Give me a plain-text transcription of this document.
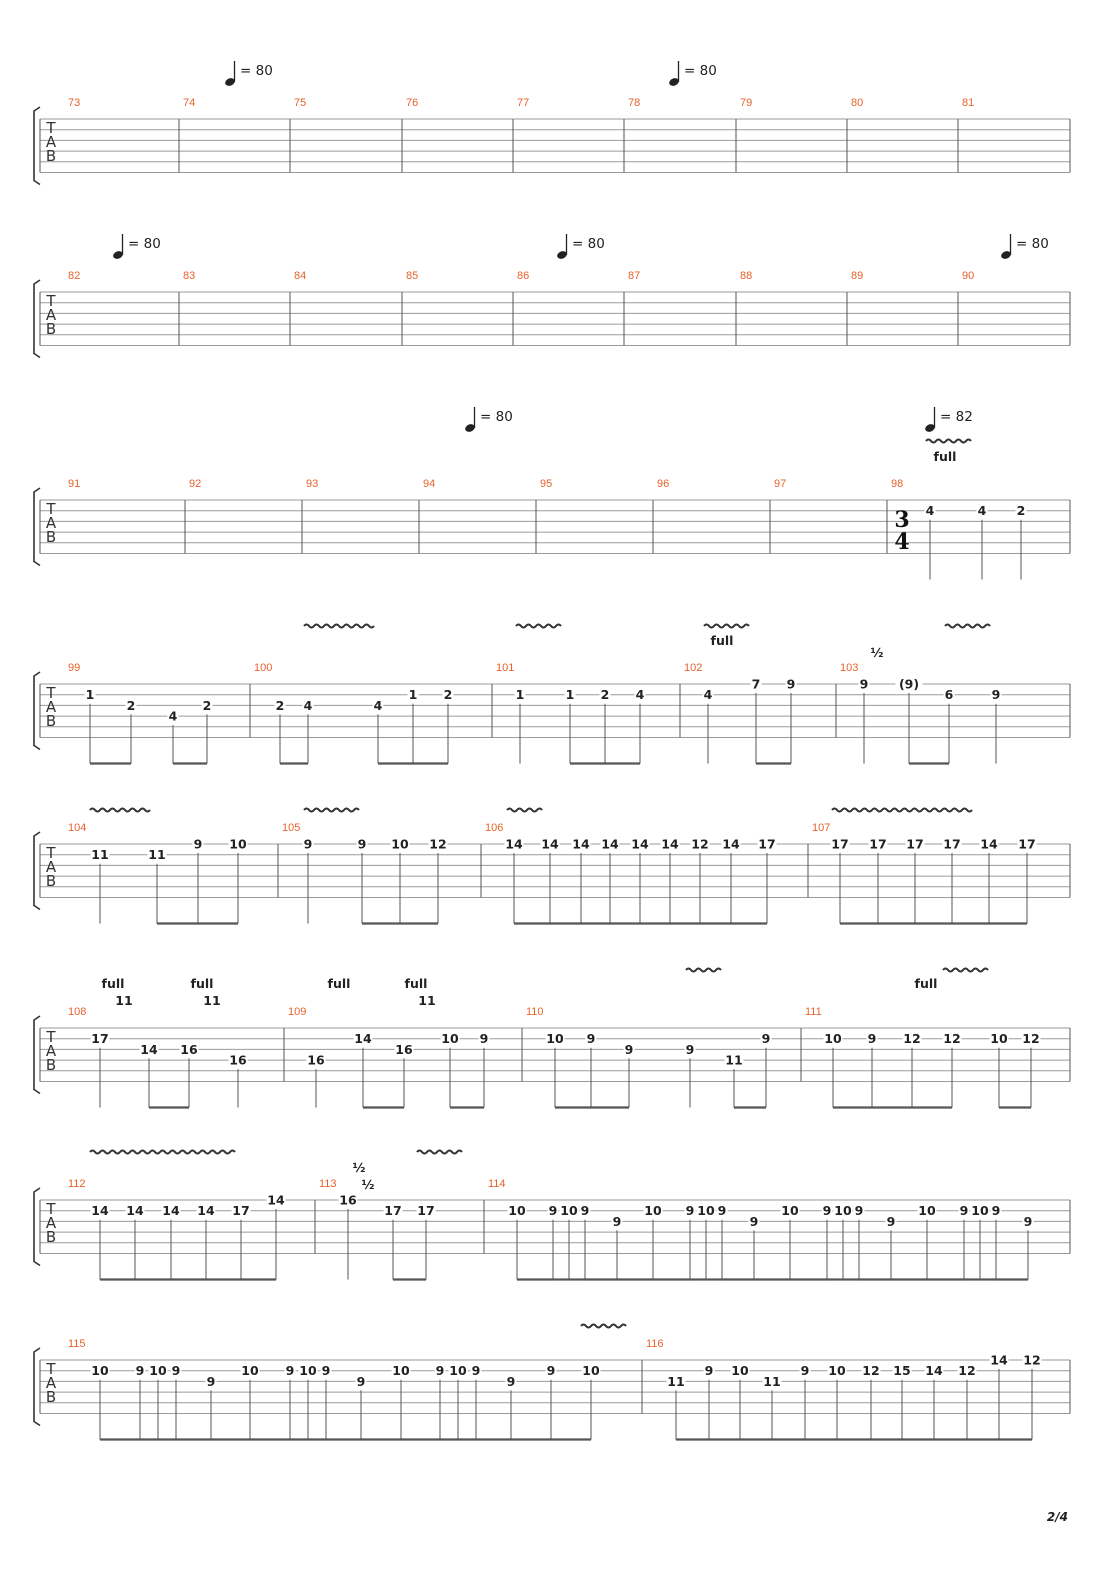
= 80	= 80
= 80	= 80	= 80
= 80	= 82
T
A
B
73	74	75	76	77	78	79	80	81
T
A
B
82	83	84	85	86	87	88	89	90
T
A
B
91	92	93	94	95	96	97	98
3
4
4	4 2
full
T
A
B
99	100	101	102	103
1
2
4
2	2 4	4
1 2	1	1 2 4	4
7 9	9 (9)
6	9
full
½
T
A
B
104	105	106	107
11	11
9 10	9	9 10 12	14 14 14 14 14 14 12 14 17	17 17 17 17 14 17
T
A
B
108	109	110	111
17
14 16
16	16
14
16
10 9	10 9
9	9
11
9	10 9 12 12 10 12
full	full	full	full	full
11	11	11
T
A
B
112	113	114
14 14 14 14 17
14	16
17 17	10 9 10 9
9
10 9 10 9
9
10 9 10 9
9
10 9 10 9
9
½
½
T
A
B
115	116
10 9 10 9
9
10 9 10 9
9
10 9 10 9
9
9 10
11
9 10
11
9 10 12 15 14 12
14 12
2/4
